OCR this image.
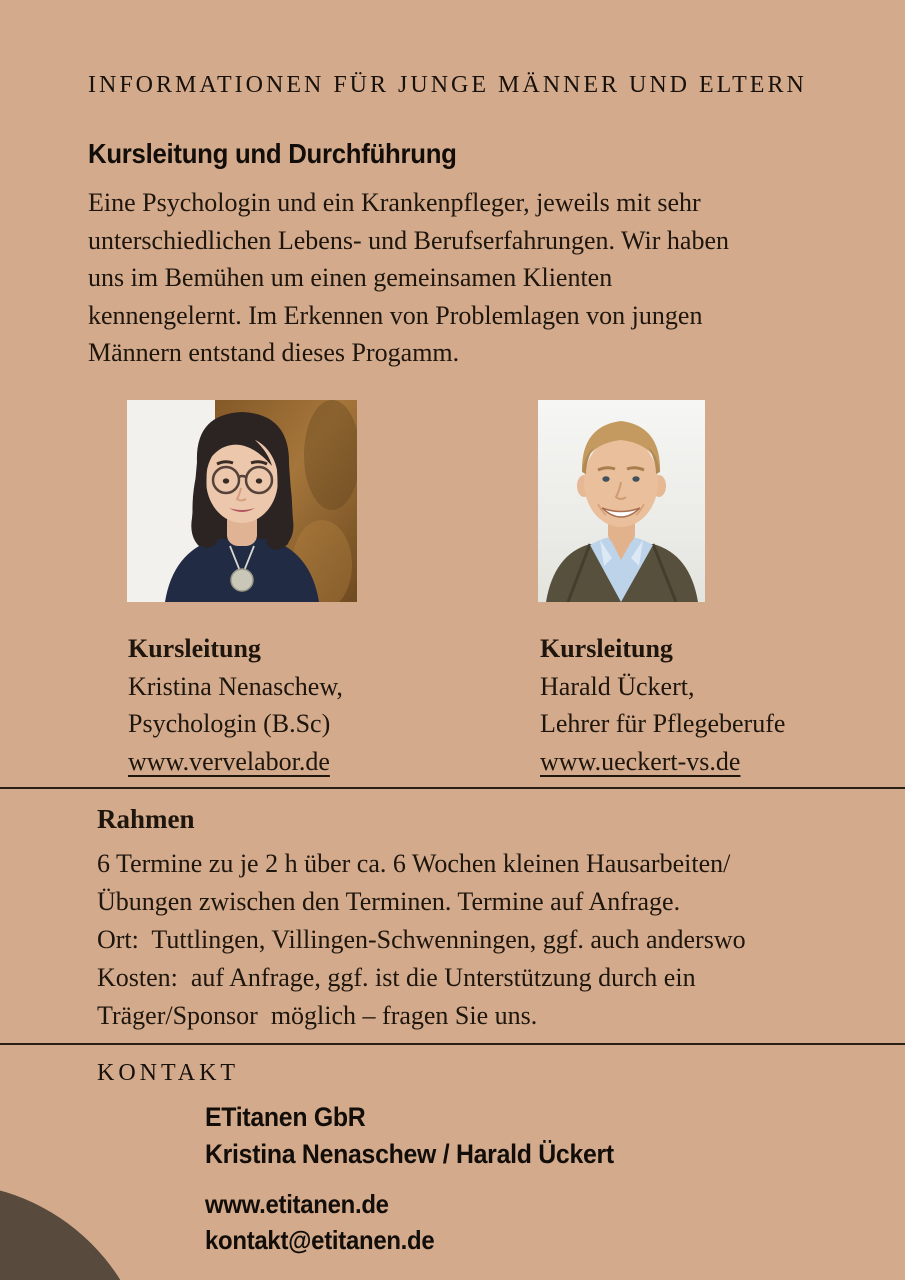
INFORMATIONEN FÜR JUNGE MÄNNER UND ELTERN
Kursleitung und Durchführung
Eine Psychologin und ein Krankenpfleger, jeweils mit sehr
unterschiedlichen Lebens- und Berufserfahrungen. Wir haben
uns im Bemühen um einen gemeinsamen Klienten
kennengelernt. Im Erkennen von Problemlagen von jungen
Männern entstand dieses Progamm.
Kursleitung
Kristina Nenaschew,
Psychologin (B.Sc)
www.vervelabor.de
Kursleitung
Harald Ückert,
Lehrer für Pflegeberufe
www.ueckert-vs.de
Rahmen
6 Termine zu je 2 h über ca. 6 Wochen kleinen Hausarbeiten/
Übungen zwischen den Terminen. Termine auf Anfrage.
Ort:  Tuttlingen, Villingen-Schwenningen, ggf. auch anderswo
Kosten:  auf Anfrage, ggf. ist die Unterstützung durch ein
Träger/Sponsor  möglich – fragen Sie uns.
KONTAKT
ETitanen GbR
Kristina Nenaschew / Harald Ückert
www.etitanen.de
kontakt@etitanen.de
